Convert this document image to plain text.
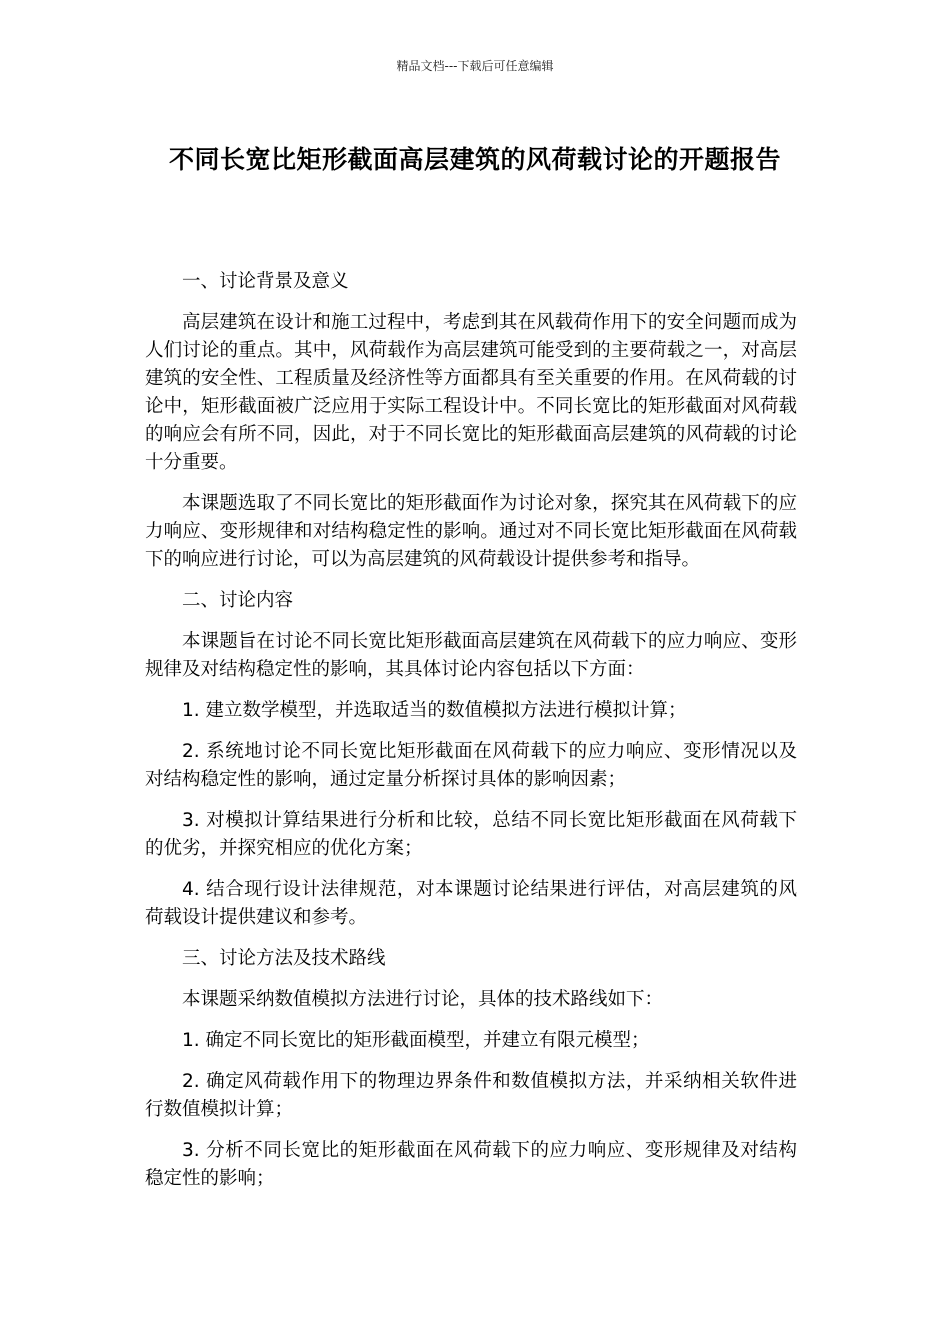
精品文档---下载后可任意编辑
不同长宽比矩形截面高层建筑的风荷载讨论的开题报告

一、讨论背景及意义

高层建筑在设计和施工过程中，考虑到其在风载荷作用下的安全问题而成为人们讨论的重点。其中，风荷载作为高层建筑可能受到的主要荷载之一，对高层建筑的安全性、工程质量及经济性等方面都具有至关重要的作用。在风荷载的讨论中，矩形截面被广泛应用于实际工程设计中。不同长宽比的矩形截面对风荷载的响应会有所不同，因此，对于不同长宽比的矩形截面高层建筑的风荷载的讨论十分重要。

本课题选取了不同长宽比的矩形截面作为讨论对象，探究其在风荷载下的应力响应、变形规律和对结构稳定性的影响。通过对不同长宽比矩形截面在风荷载下的响应进行讨论，可以为高层建筑的风荷载设计提供参考和指导。

二、讨论内容

本课题旨在讨论不同长宽比矩形截面高层建筑在风荷载下的应力响应、变形规律及对结构稳定性的影响，其具体讨论内容包括以下方面：

1. 建立数学模型，并选取适当的数值模拟方法进行模拟计算；

2. 系统地讨论不同长宽比矩形截面在风荷载下的应力响应、变形情况以及对结构稳定性的影响，通过定量分析探讨具体的影响因素；

3. 对模拟计算结果进行分析和比较，总结不同长宽比矩形截面在风荷载下的优劣，并探究相应的优化方案；

4. 结合现行设计法律规范，对本课题讨论结果进行评估，对高层建筑的风荷载设计提供建议和参考。

三、讨论方法及技术路线

本课题采纳数值模拟方法进行讨论，具体的技术路线如下：

1. 确定不同长宽比的矩形截面模型，并建立有限元模型；

2. 确定风荷载作用下的物理边界条件和数值模拟方法，并采纳相关软件进行数值模拟计算；

3. 分析不同长宽比的矩形截面在风荷载下的应力响应、变形规律及对结构稳定性的影响；
